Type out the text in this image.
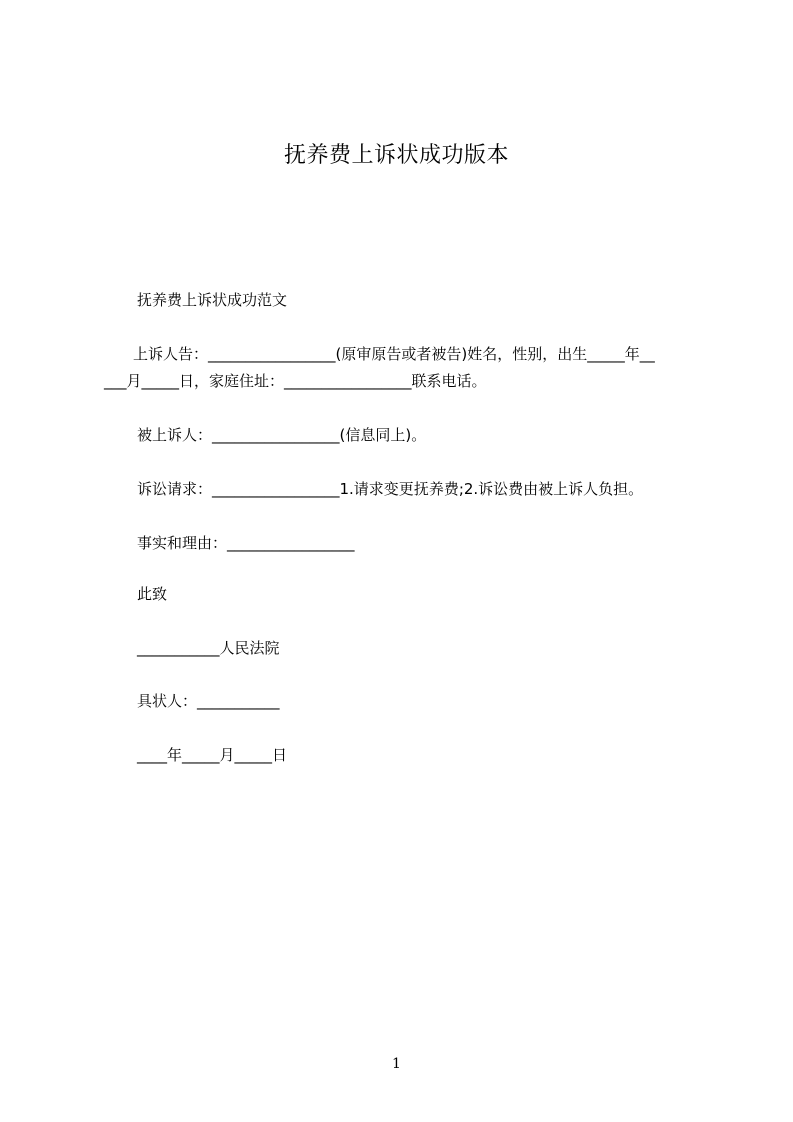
抚养费上诉状成功版本
抚养费上诉状成功范文
上诉人告：_________________(原审原告或者被告)姓名，性别，出生_____年__
___月_____日，家庭住址：_________________联系电话。
被上诉人：_________________(信息同上)。
诉讼请求：_________________1.请求变更抚养费;2.诉讼费由被上诉人负担。
事实和理由：_________________
此致
___________人民法院
具状人：___________
____年_____月_____日
1
